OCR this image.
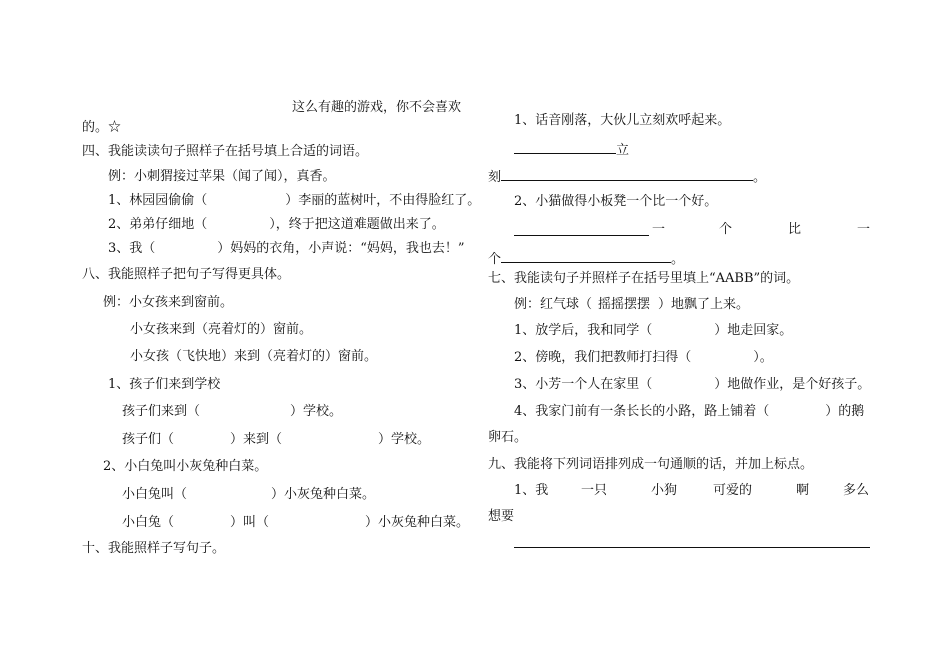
这么有趣的游戏，你不会喜欢
的。☆
四、我能读读句子照样子在括号填上合适的词语。
例：小刺猬接过苹果（闻了闻），真香。
1、林园园偷偷（	）李丽的蓝树叶，不由得脸红了。
2、弟弟仔细地（	），终于把这道难题做出来了。
3、我（	）妈妈的衣角，小声说：“妈妈，我也去！”
八、我能照样子把句子写得更具体。
例：小女孩来到窗前。
小女孩来到（亮着灯的）窗前。
小女孩（飞快地）来到（亮着灯的）窗前。
1、孩子们来到学校
孩子们来到（	）学校。
孩子们（	）来到（	）学校。
2、小白兔叫小灰兔种白菜。
小白兔叫（	）小灰兔种白菜。
小白兔（	）叫（	）小灰兔种白菜。
十、我能照样子写句子。
1、话音刚落，大伙儿立刻欢呼起来。
立
刻	。
2、小猫做得小板凳一个比一个好。
一	个	比	一
个	。
七、我能读句子并照样子在括号里填上“AABB”的词。
例：红气球（ 摇摇摆摆 ）地飘了上来。
1、放学后，我和同学（	）地走回家。
2、傍晚，我们把教师打扫得（	）。
3、小芳一个人在家里（	）地做作业，是个好孩子。
4、我家门前有一条长长的小路，路上铺着（	）的鹅
卵石。
九、我能将下列词语排列成一句通顺的话，并加上标点。
1、我	一只	小狗	可爱的	啊	多么
想要
